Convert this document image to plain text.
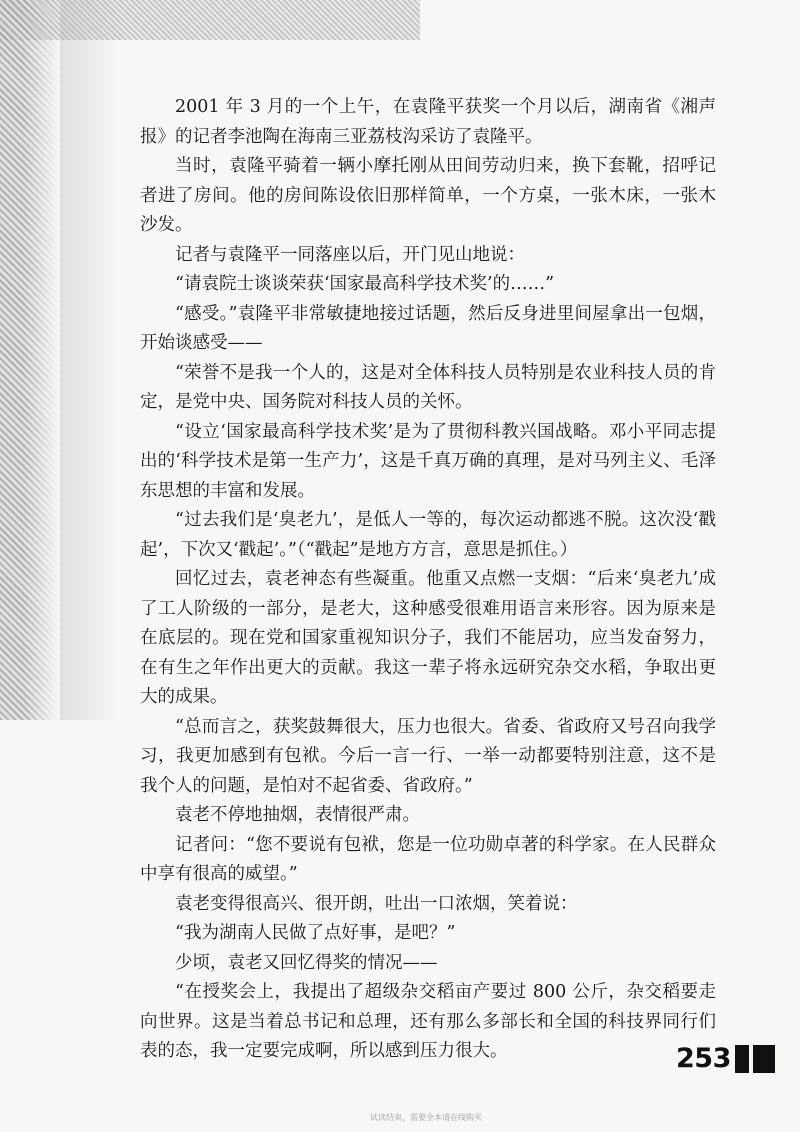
2001 年 3 月的一个上午，在袁隆平获奖一个月以后，湖南省《湘声报》的记者李池陶在海南三亚荔枝沟采访了袁隆平。

当时，袁隆平骑着一辆小摩托刚从田间劳动归来，换下套靴，招呼记者进了房间。他的房间陈设依旧那样简单，一个方桌，一张木床，一张木沙发。

记者与袁隆平一同落座以后，开门见山地说：

“请袁院士谈谈荣获‘国家最高科学技术奖’的……”

“感受。”袁隆平非常敏捷地接过话题，然后反身进里间屋拿出一包烟，开始谈感受——

“荣誉不是我一个人的，这是对全体科技人员特别是农业科技人员的肯定，是党中央、国务院对科技人员的关怀。

“设立‘国家最高科学技术奖’是为了贯彻科教兴国战略。邓小平同志提出的‘科学技术是第一生产力’，这是千真万确的真理，是对马列主义、毛泽东思想的丰富和发展。

“过去我们是‘臭老九’，是低人一等的，每次运动都逃不脱。这次没‘戳起’，下次又‘戳起’。”（“戳起”是地方方言，意思是抓住。）

回忆过去，袁老神态有些凝重。他重又点燃一支烟：“后来‘臭老九’成了工人阶级的一部分，是老大，这种感受很难用语言来形容。因为原来是在底层的。现在党和国家重视知识分子，我们不能居功，应当发奋努力，在有生之年作出更大的贡献。我这一辈子将永远研究杂交水稻，争取出更大的成果。

“总而言之，获奖鼓舞很大，压力也很大。省委、省政府又号召向我学习，我更加感到有包袱。今后一言一行、一举一动都要特别注意，这不是我个人的问题，是怕对不起省委、省政府。”

袁老不停地抽烟，表情很严肃。

记者问：“您不要说有包袱，您是一位功勋卓著的科学家。在人民群众中享有很高的威望。”

袁老变得很高兴、很开朗，吐出一口浓烟，笑着说：

“我为湖南人民做了点好事，是吧？”

少顷，袁老又回忆得奖的情况——

“在授奖会上，我提出了超级杂交稻亩产要过 800 公斤，杂交稻要走向世界。这是当着总书记和总理，还有那么多部长和全国的科技界同行们表的态，我一定要完成啊，所以感到压力很大。	253
试读结束，需要全本请在线购买
